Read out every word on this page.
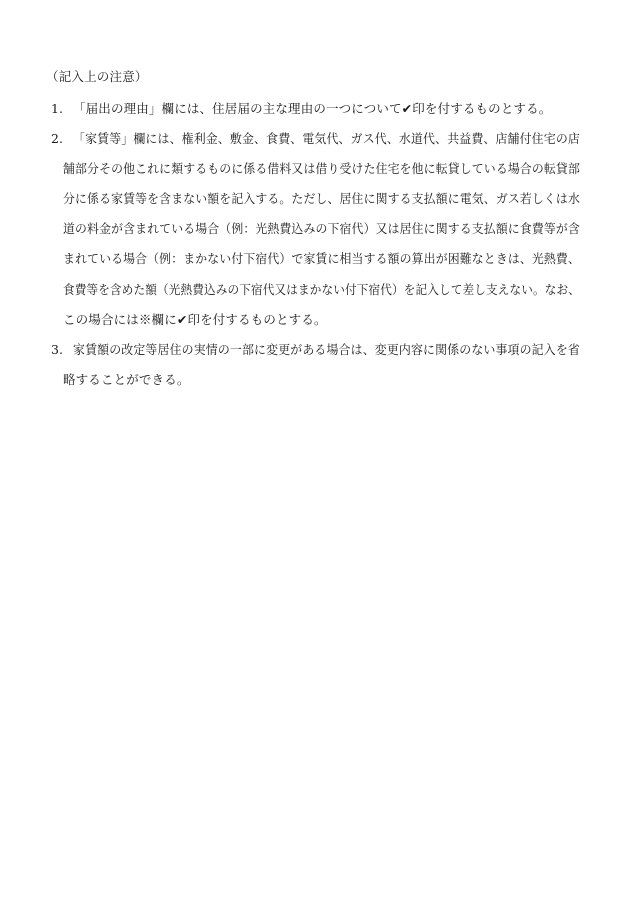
（記入上の注意）
1. 「届出の理由」欄には、住居届の主な理由の一つについて✔印を付するものとする。
2. 「家賃等」欄には、権利金、敷金、食費、電気代、ガス代、水道代、共益費、店舗付住宅の店
舗部分その他これに類するものに係る借料又は借り受けた住宅を他に転貸している場合の転貸部
分に係る家賃等を含まない額を記入する。ただし、居住に関する支払額に電気、ガス若しくは水
道の料金が含まれている場合（例：光熱費込みの下宿代）又は居住に関する支払額に食費等が含
まれている場合（例：まかない付下宿代）で家賃に相当する額の算出が困難なときは、光熱費、
食費等を含めた額（光熱費込みの下宿代又はまかない付下宿代）を記入して差し支えない。なお、
この場合には※欄に✔印を付するものとする。
3. 家賃額の改定等居住の実情の一部に変更がある場合は、変更内容に関係のない事項の記入を省
略することができる。
